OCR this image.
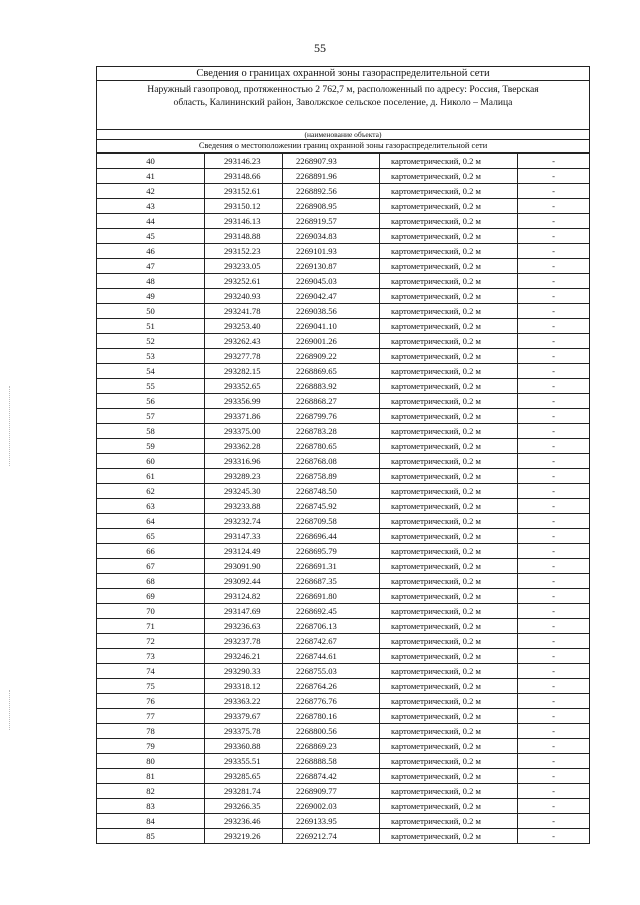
55
Сведения о границах охранной зоны газораспределительной сети
Наружный газопровод, протяженностью 2 762,7 м, расположенный по адресу: Россия, Тверская
область, Калининский район, Заволжское сельское поселение, д. Николо – Малица
(наименование объекта)
Сведения о местоположении границ охранной зоны газораспределительной сети
40	293146.23	2268907.93	картометрический, 0.2 м	-
41	293148.66	2268891.96	картометрический, 0.2 м	-
42	293152.61	2268892.56	картометрический, 0.2 м	-
43	293150.12	2268908.95	картометрический, 0.2 м	-
44	293146.13	2268919.57	картометрический, 0.2 м	-
45	293148.88	2269034.83	картометрический, 0.2 м	-
46	293152.23	2269101.93	картометрический, 0.2 м	-
47	293233.05	2269130.87	картометрический, 0.2 м	-
48	293252.61	2269045.03	картометрический, 0.2 м	-
49	293240.93	2269042.47	картометрический, 0.2 м	-
50	293241.78	2269038.56	картометрический, 0.2 м	-
51	293253.40	2269041.10	картометрический, 0.2 м	-
52	293262.43	2269001.26	картометрический, 0.2 м	-
53	293277.78	2268909.22	картометрический, 0.2 м	-
54	293282.15	2268869.65	картометрический, 0.2 м	-
55	293352.65	2268883.92	картометрический, 0.2 м	-
56	293356.99	2268868.27	картометрический, 0.2 м	-
57	293371.86	2268799.76	картометрический, 0.2 м	-
58	293375.00	2268783.28	картометрический, 0.2 м	-
59	293362.28	2268780.65	картометрический, 0.2 м	-
60	293316.96	2268768.08	картометрический, 0.2 м	-
61	293289.23	2268758.89	картометрический, 0.2 м	-
62	293245.30	2268748.50	картометрический, 0.2 м	-
63	293233.88	2268745.92	картометрический, 0.2 м	-
64	293232.74	2268709.58	картометрический, 0.2 м	-
65	293147.33	2268696.44	картометрический, 0.2 м	-
66	293124.49	2268695.79	картометрический, 0.2 м	-
67	293091.90	2268691.31	картометрический, 0.2 м	-
68	293092.44	2268687.35	картометрический, 0.2 м	-
69	293124.82	2268691.80	картометрический, 0.2 м	-
70	293147.69	2268692.45	картометрический, 0.2 м	-
71	293236.63	2268706.13	картометрический, 0.2 м	-
72	293237.78	2268742.67	картометрический, 0.2 м	-
73	293246.21	2268744.61	картометрический, 0.2 м	-
74	293290.33	2268755.03	картометрический, 0.2 м	-
75	293318.12	2268764.26	картометрический, 0.2 м	-
76	293363.22	2268776.76	картометрический, 0.2 м	-
77	293379.67	2268780.16	картометрический, 0.2 м	-
78	293375.78	2268800.56	картометрический, 0.2 м	-
79	293360.88	2268869.23	картометрический, 0.2 м	-
80	293355.51	2268888.58	картометрический, 0.2 м	-
81	293285.65	2268874.42	картометрический, 0.2 м	-
82	293281.74	2268909.77	картометрический, 0.2 м	-
83	293266.35	2269002.03	картометрический, 0.2 м	-
84	293236.46	2269133.95	картометрический, 0.2 м	-
85	293219.26	2269212.74	картометрический, 0.2 м	-
